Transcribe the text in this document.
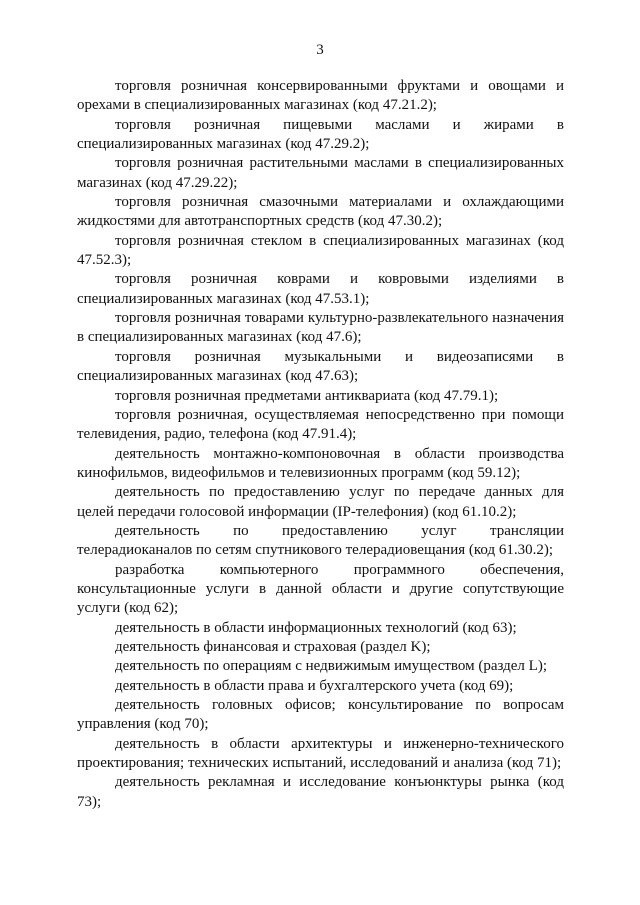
3

торговля розничная консервированными фруктами и овощами и орехами в специализированных магазинах (код 47.21.2);

торговля розничная пищевыми маслами и жирами в специализированных магазинах (код 47.29.2);

торговля розничная растительными маслами в специализированных магазинах (код 47.29.22);

торговля розничная смазочными материалами и охлаждающими жидкостями для автотранспортных средств (код 47.30.2);

торговля розничная стеклом в специализированных магазинах (код 47.52.3);

торговля розничная коврами и ковровыми изделиями в специализированных магазинах (код 47.53.1);

торговля розничная товарами культурно-развлекательного назначения в специализированных магазинах (код 47.6);

торговля розничная музыкальными и видеозаписями в специализированных магазинах (код 47.63);

торговля розничная предметами антиквариата (код 47.79.1);

торговля розничная, осуществляемая непосредственно при помощи телевидения, радио, телефона (код 47.91.4);

деятельность монтажно-компоновочная в области производства кинофильмов, видеофильмов и телевизионных программ (код 59.12);

деятельность по предоставлению услуг по передаче данных для целей передачи голосовой информации (IP-телефония) (код 61.10.2);

деятельность по предоставлению услуг трансляции телерадиоканалов по сетям спутникового телерадиовещания (код 61.30.2);

разработка компьютерного программного обеспечения, консультационные услуги в данной области и другие сопутствующие услуги (код 62);

деятельность в области информационных технологий (код 63);

деятельность финансовая и страховая (раздел K);

деятельность по операциям с недвижимым имуществом (раздел L);

деятельность в области права и бухгалтерского учета (код 69);

деятельность головных офисов; консультирование по вопросам управления (код 70);

деятельность в области архитектуры и инженерно-технического проектирования; технических испытаний, исследований и анализа (код 71);

деятельность рекламная и исследование конъюнктуры рынка (код 73);
